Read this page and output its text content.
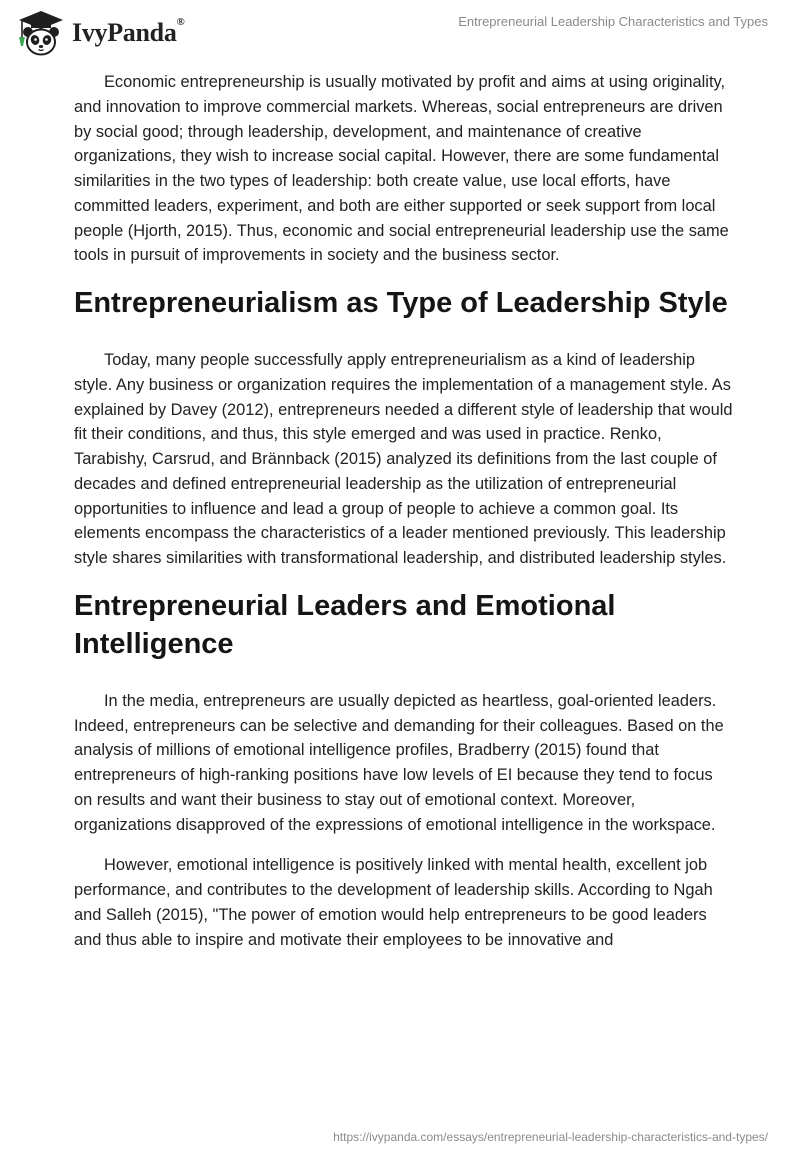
IvyPanda®	Entrepreneurial Leadership Characteristics and Types

Economic entrepreneurship is usually motivated by profit and aims at using originality, and innovation to improve commercial markets. Whereas, social entrepreneurs are driven by social good; through leadership, development, and maintenance of creative organizations, they wish to increase social capital. However, there are some fundamental similarities in the two types of leadership: both create value, use local efforts, have committed leaders, experiment, and both are either supported or seek support from local people (Hjorth, 2015). Thus, economic and social entrepreneurial leadership use the same tools in pursuit of improvements in society and the business sector.

Entrepreneurialism as Type of Leadership Style

Today, many people successfully apply entrepreneurialism as a kind of leadership style. Any business or organization requires the implementation of a management style. As explained by Davey (2012), entrepreneurs needed a different style of leadership that would fit their conditions, and thus, this style emerged and was used in practice. Renko, Tarabishy, Carsrud, and Brännback (2015) analyzed its definitions from the last couple of decades and defined entrepreneurial leadership as the utilization of entrepreneurial opportunities to influence and lead a group of people to achieve a common goal. Its elements encompass the characteristics of a leader mentioned previously. This leadership style shares similarities with transformational leadership, and distributed leadership styles.

Entrepreneurial Leaders and Emotional Intelligence

In the media, entrepreneurs are usually depicted as heartless, goal-oriented leaders. Indeed, entrepreneurs can be selective and demanding for their colleagues. Based on the analysis of millions of emotional intelligence profiles, Bradberry (2015) found that entrepreneurs of high-ranking positions have low levels of EI because they tend to focus on results and want their business to stay out of emotional context. Moreover, organizations disapproved of the expressions of emotional intelligence in the workspace.

However, emotional intelligence is positively linked with mental health, excellent job performance, and contributes to the development of leadership skills. According to Ngah and Salleh (2015), "The power of emotion would help entrepreneurs to be good leaders and thus able to inspire and motivate their employees to be innovative and

https://ivypanda.com/essays/entrepreneurial-leadership-characteristics-and-types/
